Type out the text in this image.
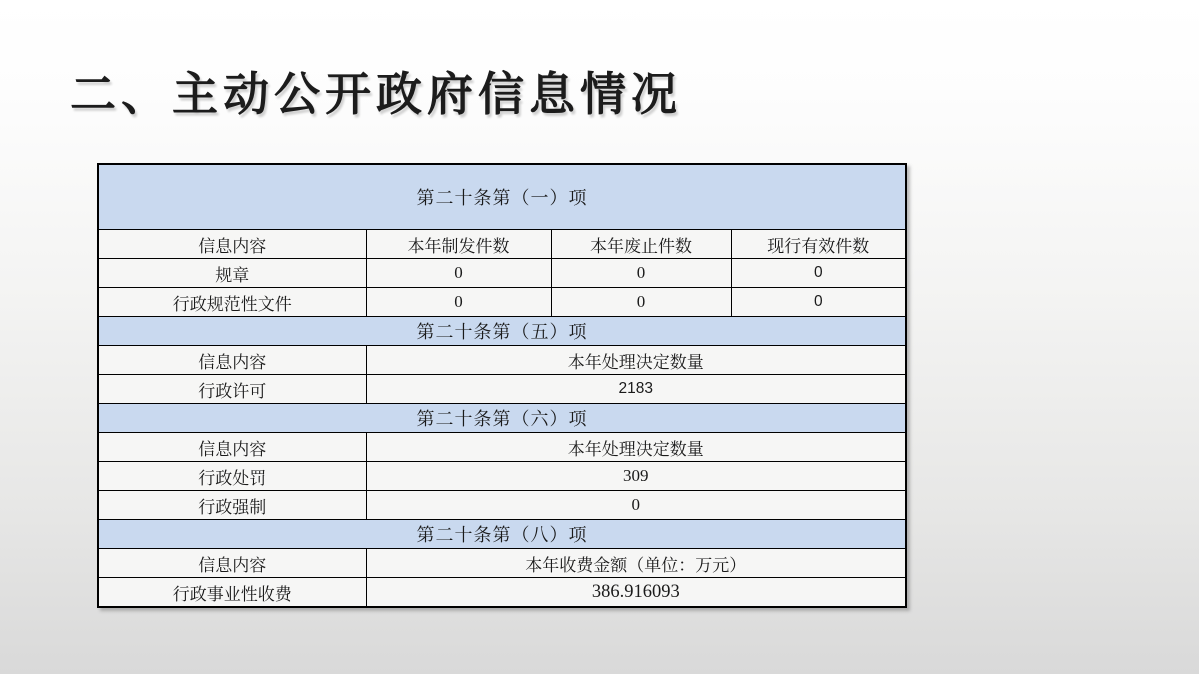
二、主动公开政府信息情况
第二十条第（一）项			
信息内容	本年制发件数	本年废止件数	现行有效件数
规章	0	0	0
行政规范性文件	0	0	0
第二十条第（五）项			
信息内容	本年处理决定数量		
行政许可	2183		
第二十条第（六）项			
信息内容	本年处理决定数量		
行政处罚	309		
行政强制	0		
第二十条第（八）项			
信息内容	本年收费金额（单位：万元）		
行政事业性收费	386.916093		
